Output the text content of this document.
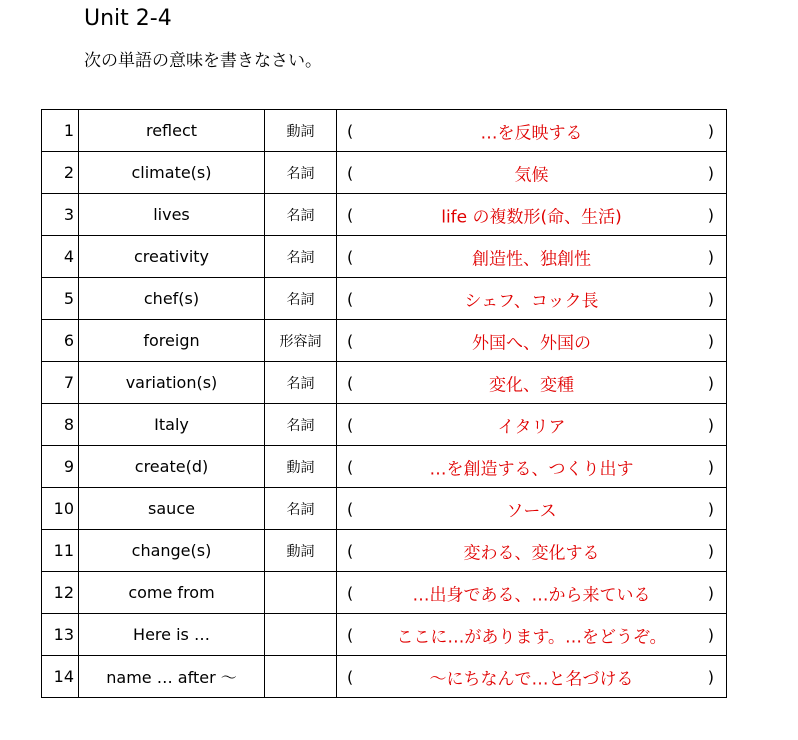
Unit 2-4
次の単語の意味を書きなさい。
1	reflect	動詞	( …を反映する )

2	climate(s)	名詞	( 気候 )

3	lives	名詞	( life の複数形(命、生活) )

4	creativity	名詞	( 創造性、独創性 )

5	chef(s)	名詞	( シェフ、コック長 )

6	foreign	形容詞	( 外国へ、外国の )

7	variation(s)	名詞	( 変化、変種 )

8	Italy	名詞	( イタリア )

9	create(d)	動詞	( …を創造する、つくり出す )

10	sauce	名詞	( ソース )

11	change(s)	動詞	( 変わる、変化する )

12	come from		( …出身である、…から来ている )

13	Here is …		( ここに…があります。…をどうぞ。 )

14	name … after ～		( ～にちなんで…と名づける )
